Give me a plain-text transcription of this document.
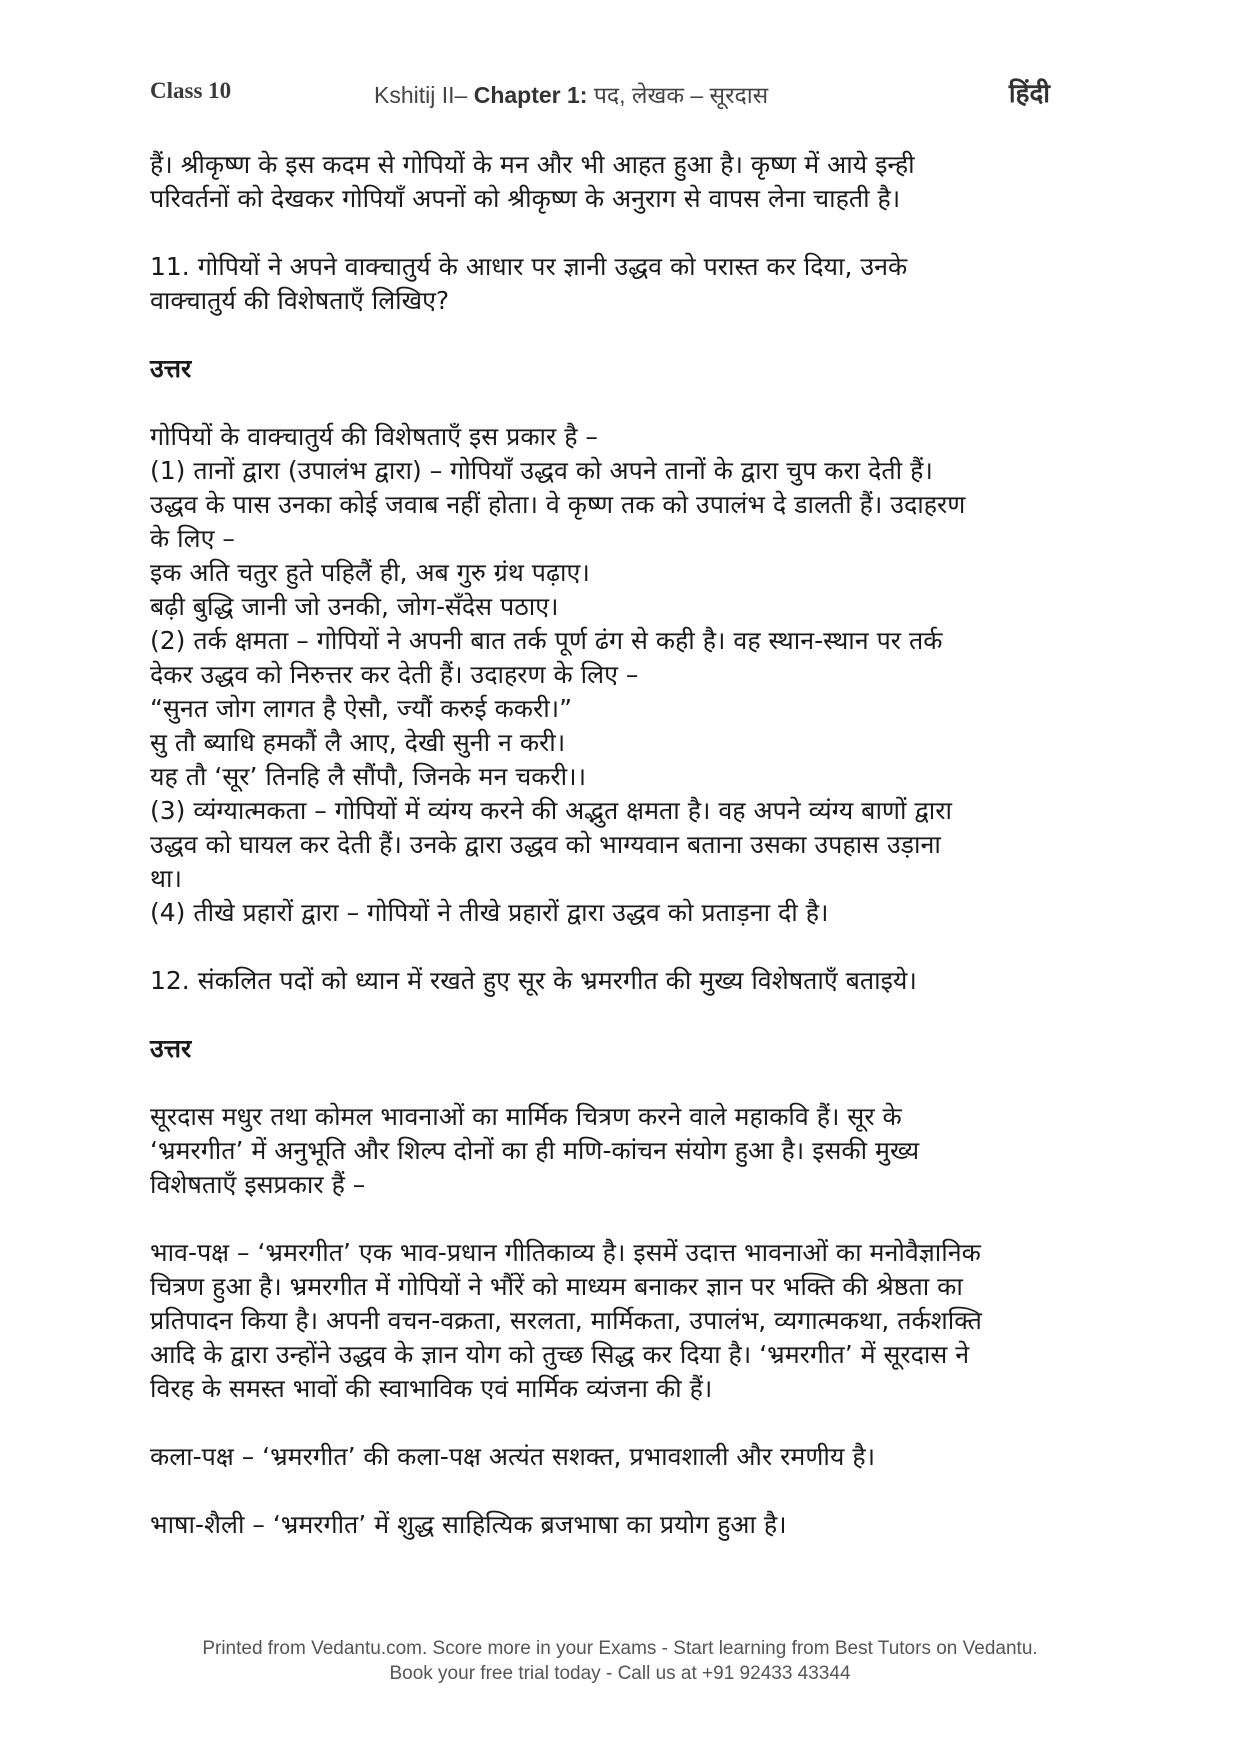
Class 10	Kshitij II– Chapter 1: पद, लेखक – सूरदास	हिंदी

हैं। श्रीकृष्ण के इस कदम से गोपियों के मन और भी आहत हुआ है। कृष्ण में आये इन्ही

परिवर्तनों को देखकर गोपियाँ अपनों को श्रीकृष्ण के अनुराग से वापस लेना चाहती है।

11. गोपियों ने अपने वाक्चातुर्य के आधार पर ज्ञानी उद्धव को परास्त कर दिया, उनके

वाक्चातुर्य की विशेषताएँ लिखिए?

उत्तर

गोपियों के वाक्चातुर्य की विशेषताएँ इस प्रकार है –

(1) तानों द्वारा (उपालंभ द्वारा) – गोपियाँ उद्धव को अपने तानों के द्वारा चुप करा देती हैं।

उद्धव के पास उनका कोई जवाब नहीं होता। वे कृष्ण तक को उपालंभ दे डालती हैं। उदाहरण

के लिए –

इक अति चतुर हुते पहिलैं ही, अब गुरु ग्रंथ पढ़ाए।

बढ़ी बुद्धि जानी जो उनकी, जोग-सँदेस पठाए।

(2) तर्क क्षमता – गोपियों ने अपनी बात तर्क पूर्ण ढंग से कही है। वह स्थान-स्थान पर तर्क

देकर उद्धव को निरुत्तर कर देती हैं। उदाहरण के लिए –

“सुनत जोग लागत है ऐसौ, ज्यौं करुई ककरी।”

सु तौ ब्याधि हमकौं लै आए, देखी सुनी न करी।

यह तौ ‘सूर’ तिनहि लै सौंपौ, जिनके मन चकरी।।

(3) व्यंग्यात्मकता – गोपियों में व्यंग्य करने की अद्भुत क्षमता है। वह अपने व्यंग्य बाणों द्वारा

उद्धव को घायल कर देती हैं। उनके द्वारा उद्धव को भाग्यवान बताना उसका उपहास उड़ाना

था।

(4) तीखे प्रहारों द्वारा – गोपियों ने तीखे प्रहारों द्वारा उद्धव को प्रताड़ना दी है।

12. संकलित पदों को ध्यान में रखते हुए सूर के भ्रमरगीत की मुख्य विशेषताएँ बताइये।

उत्तर

सूरदास मधुर तथा कोमल भावनाओं का मार्मिक चित्रण करने वाले महाकवि हैं। सूर के

‘भ्रमरगीत’ में अनुभूति और शिल्प दोनों का ही मणि-कांचन संयोग हुआ है। इसकी मुख्य

विशेषताएँ इसप्रकार हैं –

भाव-पक्ष – ‘भ्रमरगीत’ एक भाव-प्रधान गीतिकाव्य है। इसमें उदात्त भावनाओं का मनोवैज्ञानिक

चित्रण हुआ है। भ्रमरगीत में गोपियों ने भौंरें को माध्यम बनाकर ज्ञान पर भक्ति की श्रेष्ठता का

प्रतिपादन किया है। अपनी वचन-वक्रता, सरलता, मार्मिकता, उपालंभ, व्यगात्मकथा, तर्कशक्ति

आदि के द्वारा उन्होंने उद्धव के ज्ञान योग को तुच्छ सिद्ध कर दिया है। ‘भ्रमरगीत’ में सूरदास ने

विरह के समस्त भावों की स्वाभाविक एवं मार्मिक व्यंजना की हैं।

कला-पक्ष – ‘भ्रमरगीत’ की कला-पक्ष अत्यंत सशक्त, प्रभावशाली और रमणीय है।

भाषा-शैली – ‘भ्रमरगीत’ में शुद्ध साहित्यिक ब्रजभाषा का प्रयोग हुआ है।

Printed from Vedantu.com. Score more in your Exams - Start learning from Best Tutors on Vedantu.
Book your free trial today - Call us at +91 92433 43344
